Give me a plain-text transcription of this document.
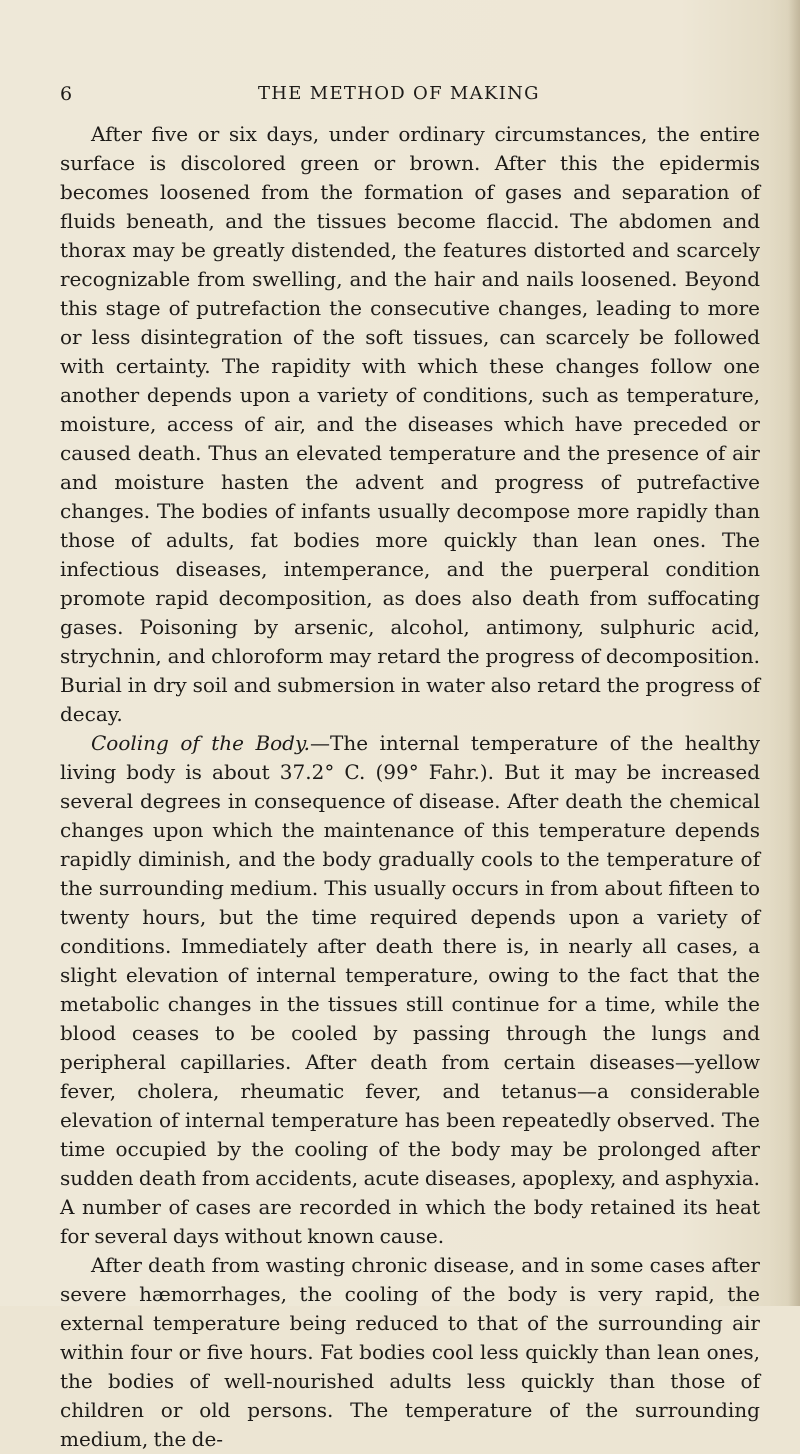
6	THE METHOD OF MAKING

After five or six days, under ordinary circumstances, the entire surface is discolored green or brown. After this the epidermis becomes loosened from the formation of gases and separation of fluids beneath, and the tissues become flaccid. The abdomen and thorax may be greatly distended, the features distorted and scarcely recognizable from swelling, and the hair and nails loosened. Beyond this stage of putrefaction the consecutive changes, leading to more or less disintegration of the soft tissues, can scarcely be followed with certainty. The rapidity with which these changes follow one another depends upon a variety of conditions, such as temperature, moisture, access of air, and the diseases which have preceded or caused death. Thus an elevated temperature and the presence of air and moisture hasten the advent and progress of putrefactive changes. The bodies of infants usually decompose more rapidly than those of adults, fat bodies more quickly than lean ones. The infectious diseases, intemperance, and the puerperal condition promote rapid decomposition, as does also death from suffocating gases. Poisoning by arsenic, alcohol, antimony, sulphuric acid, strychnin, and chloroform may retard the progress of decomposition. Burial in dry soil and submersion in water also retard the progress of decay.

Cooling of the Body.—The internal temperature of the healthy living body is about 37.2° C. (99° Fahr.). But it may be increased several degrees in consequence of disease. After death the chemical changes upon which the maintenance of this temperature depends rapidly diminish, and the body gradually cools to the temperature of the surrounding medium. This usually occurs in from about fifteen to twenty hours, but the time required depends upon a variety of conditions. Immediately after death there is, in nearly all cases, a slight elevation of internal temperature, owing to the fact that the metabolic changes in the tissues still continue for a time, while the blood ceases to be cooled by passing through the lungs and peripheral capillaries. After death from certain diseases—yellow fever, cholera, rheumatic fever, and tetanus—a considerable elevation of internal temperature has been repeatedly observed. The time occupied by the cooling of the body may be prolonged after sudden death from accidents, acute diseases, apoplexy, and asphyxia. A number of cases are recorded in which the body retained its heat for several days without known cause.

After death from wasting chronic disease, and in some cases after severe hæmorrhages, the cooling of the body is very rapid, the external temperature being reduced to that of the surrounding air within four or five hours. Fat bodies cool less quickly than lean ones, the bodies of well-nourished adults less quickly than those of children or old persons. The temperature of the surrounding medium, the de-
